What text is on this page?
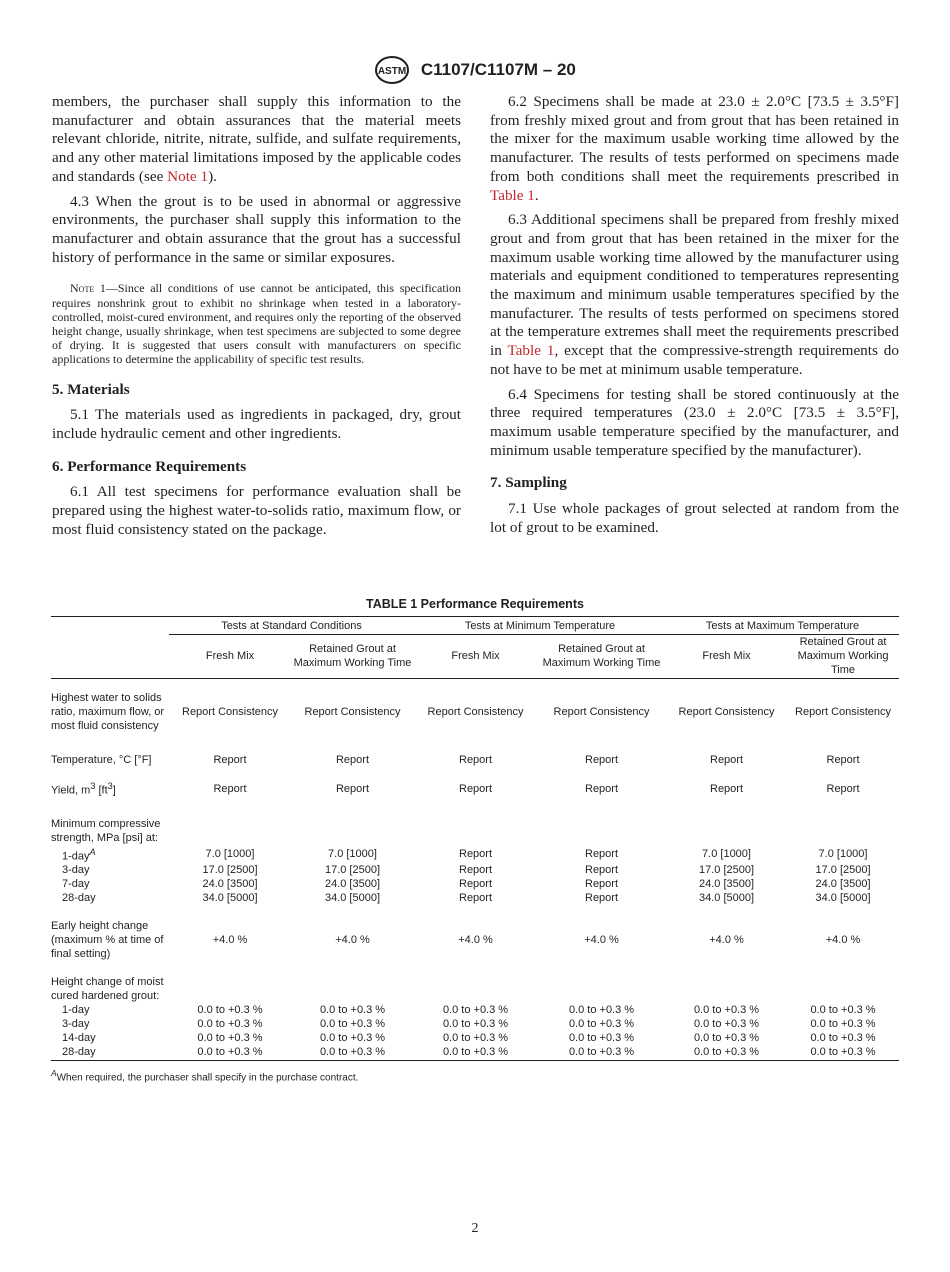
ASTM C1107/C1107M – 20

members, the purchaser shall supply this information to the manufacturer and obtain assurances that the material meets relevant chloride, nitrite, nitrate, sulfide, and sulfate requirements, and any other material limitations imposed by the applicable codes and standards (see Note 1).

4.3 When the grout is to be used in abnormal or aggressive environments, the purchaser shall supply this information to the manufacturer and obtain assurance that the grout has a successful history of performance in the same or similar exposures.

Note 1—Since all conditions of use cannot be anticipated, this specification requires nonshrink grout to exhibit no shrinkage when tested in a laboratory-controlled, moist-cured environment, and requires only the reporting of the observed height change, usually shrinkage, when test specimens are subjected to some degree of drying. It is suggested that users consult with manufacturers on specific applications to determine the applicability of specific test results.

5. Materials

5.1 The materials used as ingredients in packaged, dry, grout include hydraulic cement and other ingredients.

6. Performance Requirements

6.1 All test specimens for performance evaluation shall be prepared using the highest water-to-solids ratio, maximum flow, or most fluid consistency stated on the package.

6.2 Specimens shall be made at 23.0 ± 2.0°C [73.5 ± 3.5°F] from freshly mixed grout and from grout that has been retained in the mixer for the maximum usable working time allowed by the manufacturer. The results of tests performed on specimens made from both conditions shall meet the requirements prescribed in Table 1.

6.3 Additional specimens shall be prepared from freshly mixed grout and from grout that has been retained in the mixer for the maximum usable working time allowed by the manufacturer using materials and equipment conditioned to temperatures representing the maximum and minimum usable temperatures specified by the manufacturer. The results of tests performed on specimens stored at the temperature extremes shall meet the requirements prescribed in Table 1, except that the compressive-strength requirements do not have to be met at minimum usable temperature.

6.4 Specimens for testing shall be stored continuously at the three required temperatures (23.0 ± 2.0°C [73.5 ± 3.5°F], maximum usable temperature specified by the manufacturer, and minimum usable temperature specified by the manufacturer).

7. Sampling

7.1 Use whole packages of grout selected at random from the lot of grout to be examined.

TABLE 1 Performance Requirements
	Tests at Standard Conditions		Tests at Minimum Temperature		Tests at Maximum Temperature	
	Fresh Mix	Retained Grout at Maximum Working Time	Fresh Mix	Retained Grout at Maximum Working Time	Fresh Mix	Retained Grout at Maximum Working Time
Highest water to solids ratio, maximum flow, or most fluid consistency	Report Consistency	Report Consistency	Report Consistency	Report Consistency	Report Consistency	Report Consistency
Temperature, °C [°F]	Report	Report	Report	Report	Report	Report
Yield, $m^3$ $[ft^3]$	Report	Report	Report	Report	Report	Report

Minimum compressive strength, MPa [psi] at:						

1-day$^A$	7.0 [1000]	7.0 [1000]	Report	Report	7.0 [1000]	7.0 [1000]

3-day	17.0 [2500]	17.0 [2500]	Report	Report	17.0 [2500]	17.0 [2500]

7-day	24.0 [3500]	24.0 [3500]	Report	Report	24.0 [3500]	24.0 [3500]

28-day	34.0 [5000]	34.0 [5000]	Report	Report	34.0 [5000]	34.0 [5000]

Early height change (maximum % at time of final setting)	+4.0 %	+4.0 %	+4.0 %	+4.0 %	+4.0 %	+4.0 %

Height change of moist cured hardened grout:						

1-day	0.0 to +0.3 %	0.0 to +0.3 %	0.0 to +0.3 %	0.0 to +0.3 %	0.0 to +0.3 %	0.0 to +0.3 %

3-day	0.0 to +0.3 %	0.0 to +0.3 %	0.0 to +0.3 %	0.0 to +0.3 %	0.0 to +0.3 %	0.0 to +0.3 %

14-day	0.0 to +0.3 %	0.0 to +0.3 %	0.0 to +0.3 %	0.0 to +0.3 %	0.0 to +0.3 %	0.0 to +0.3 %

28-day	0.0 to +0.3 %	0.0 to +0.3 %	0.0 to +0.3 %	0.0 to +0.3 %	0.0 to +0.3 %	0.0 to +0.3 %
$^A$When required, the purchaser shall specify in the purchase contract.
2
